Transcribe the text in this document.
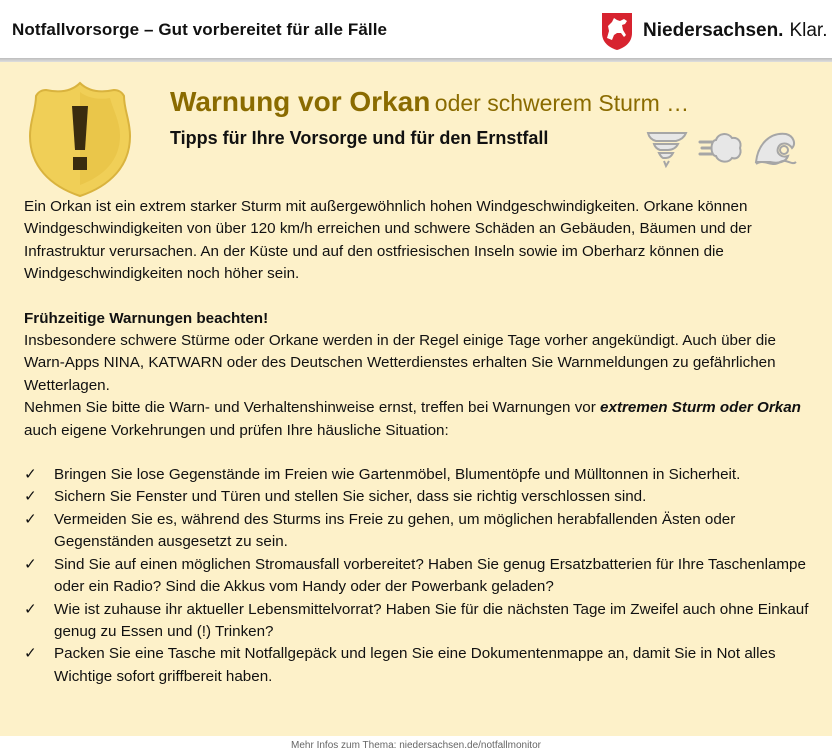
Notfallvorsorge – Gut vorbereitet für alle Fälle	Niedersachsen. Klar.
Warnung vor Orkan oder schwerem Sturm …
Tipps für Ihre Vorsorge und für den Ernstfall

Ein Orkan ist ein extrem starker Sturm mit außergewöhnlich hohen Windgeschwindigkeiten. Orkane können Windgeschwindigkeiten von über 120 km/h erreichen und schwere Schäden an Gebäuden, Bäumen und der Infrastruktur verursachen. An der Küste und auf den ostfriesischen Inseln sowie im Oberharz können die Windgeschwindigkeiten noch höher sein.

Frühzeitige Warnungen beachten!

Insbesondere schwere Stürme oder Orkane werden in der Regel einige Tage vorher angekündigt. Auch über die Warn-Apps NINA, KATWARN oder des Deutschen Wetterdienstes erhalten Sie Warnmeldungen zu gefährlichen Wetterlagen.

Nehmen Sie bitte die Warn- und Verhaltenshinweise ernst, treffen bei Warnungen vor extremen Sturm oder Orkan auch eigene Vorkehrungen und prüfen Ihre häusliche Situation:

✓ Bringen Sie lose Gegenstände im Freien wie Gartenmöbel, Blumentöpfe und Mülltonnen in Sicherheit.
✓ Sichern Sie Fenster und Türen und stellen Sie sicher, dass sie richtig verschlossen sind.
✓ Vermeiden Sie es, während des Sturms ins Freie zu gehen, um möglichen herabfallenden Ästen oder Gegenständen ausgesetzt zu sein.
✓ Sind Sie auf einen möglichen Stromausfall vorbereitet? Haben Sie genug Ersatzbatterien für Ihre Taschenlampe oder ein Radio? Sind die Akkus vom Handy oder der Powerbank geladen?
✓ Wie ist zuhause ihr aktueller Lebensmittelvorrat? Haben Sie für die nächsten Tage im Zweifel auch ohne Einkauf genug zu Essen und (!) Trinken?
✓ Packen Sie eine Tasche mit Notfallgepäck und legen Sie eine Dokumentenmappe an, damit Sie in Not alles Wichtige sofort griffbereit haben.
Mehr Infos zum Thema: niedersachsen.de/notfallmonitor
